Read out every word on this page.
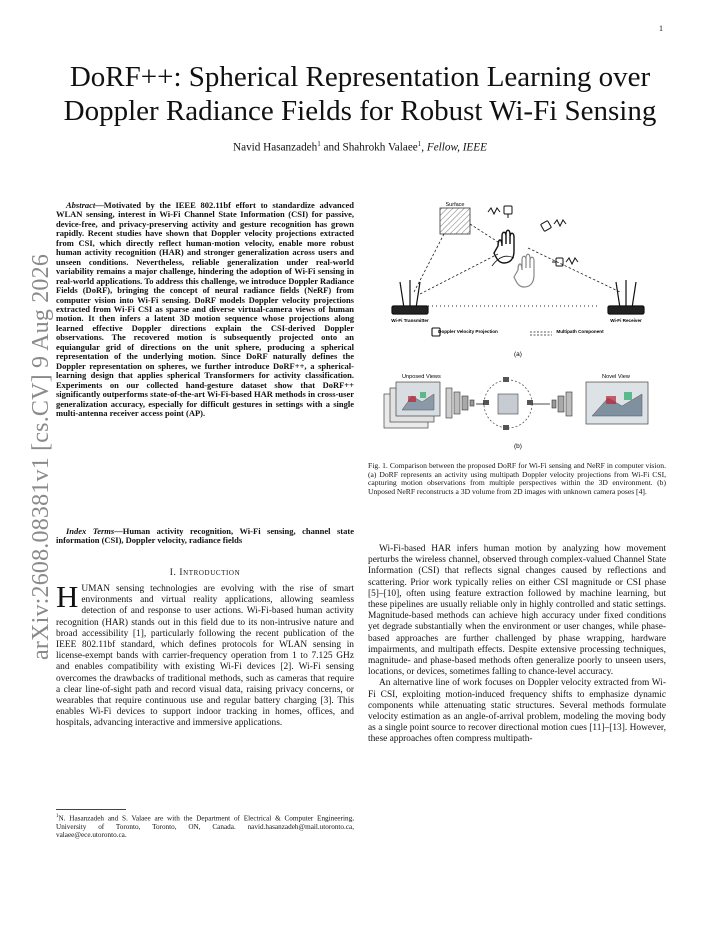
1
arXiv:2608.08381v1 [cs.CV] 9 Aug 2026
DoRF++: Spherical Representation Learning over
Doppler Radiance Fields for Robust Wi-Fi Sensing
Navid Hasanzadeh$^1$ and Shahrokh Valaee$^1$, Fellow, IEEE
Abstract—Motivated by the IEEE 802.11bf effort to standardize advanced WLAN sensing, interest in Wi-Fi Channel State Information (CSI) for passive, device-free, and privacy-preserving activity and gesture recognition has grown rapidly. Recent studies have shown that Doppler velocity projections extracted from CSI, which directly reflect human-motion velocity, enable more robust human activity recognition (HAR) and stronger generalization across users and unseen conditions. Nevertheless, reliable generalization under real-world variability remains a major challenge, hindering the adoption of Wi-Fi sensing in real-world applications. To address this challenge, we introduce Doppler Radiance Fields (DoRF), bringing the concept of neural radiance fields (NeRF) from computer vision into Wi-Fi sensing. DoRF models Doppler velocity projections extracted from Wi-Fi CSI as sparse and diverse virtual-camera views of human motion. It then infers a latent 3D motion sequence whose projections along learned effective Doppler directions explain the CSI-derived Doppler observations. The recovered motion is subsequently projected onto an equiangular grid of directions on the unit sphere, producing a spherical representation of the underlying motion. Since DoRF naturally defines the Doppler representation on spheres, we further introduce DoRF++, a spherical-learning design that applies spherical Transformers for activity classification. Experiments on our collected hand-gesture dataset show that DoRF++ significantly outperforms state-of-the-art Wi-Fi-based HAR methods in cross-user generalization accuracy, especially for difficult gestures in settings with a single multi-antenna receiver access point (AP).
Index Terms—Human activity recognition, Wi-Fi sensing, channel state information (CSI), Doppler velocity, radiance fields
I. Introduction
HUMAN sensing technologies are evolving with the rise of smart environments and virtual reality applications, allowing seamless detection of and response to user actions. Wi-Fi-based human activity recognition (HAR) stands out in this field due to its non-intrusive nature and broad accessibility [1], particularly following the recent publication of the IEEE 802.11bf standard, which defines protocols for WLAN sensing in license-exempt bands with carrier-frequency operation from 1 to 7.125 GHz and enables compatibility with existing Wi-Fi devices [2]. Wi-Fi sensing overcomes the drawbacks of traditional methods, such as cameras that require a clear line-of-sight path and record visual data, raising privacy concerns, or wearables that require continuous use and regular battery charging [3]. This enables Wi-Fi devices to support indoor tracking in homes, offices, and hospitals, advancing interactive and immersive applications.
$^1$N. Hasanzadeh and S. Valaee are with the Department of Electrical & Computer Engineering, University of Toronto, Toronto, ON, Canada. navid.hasanzadeh@mail.utoronto.ca, valaee@ece.utoronto.ca.
Surface
Wi-Fi Transmitter	Wi-Fi Receiver
Doppler Velocity Projection	Multipath Component
(a)
Unposed Views	Novel View
(b)
Fig. 1. Comparison between the proposed DoRF for Wi-Fi sensing and NeRF in computer vision. (a) DoRF represents an activity using multipath Doppler velocity projections from Wi-Fi CSI, capturing motion observations from multiple perspectives within the 3D environment. (b) Unposed NeRF reconstructs a 3D volume from 2D images with unknown camera poses [4].

Wi-Fi-based HAR infers human motion by analyzing how movement perturbs the wireless channel, observed through complex-valued Channel State Information (CSI) that reflects signal changes caused by reflections and scattering. Prior work typically relies on either CSI magnitude or CSI phase [5]–[10], often using feature extraction followed by machine learning, but these pipelines are usually reliable only in highly controlled and static settings. Magnitude-based methods can achieve high accuracy under fixed conditions yet degrade substantially when the environment or user changes, while phase-based approaches are further challenged by phase wrapping, hardware impairments, and multipath effects. Despite extensive processing techniques, magnitude- and phase-based methods often generalize poorly to unseen users, locations, or devices, sometimes falling to chance-level accuracy.

An alternative line of work focuses on Doppler velocity extracted from Wi-Fi CSI, exploiting motion-induced frequency shifts to emphasize dynamic components while attenuating static structures. Several methods formulate velocity estimation as an angle-of-arrival problem, modeling the moving body as a single point source to recover directional motion cues [11]–[13]. However, these approaches often compress multipath-
